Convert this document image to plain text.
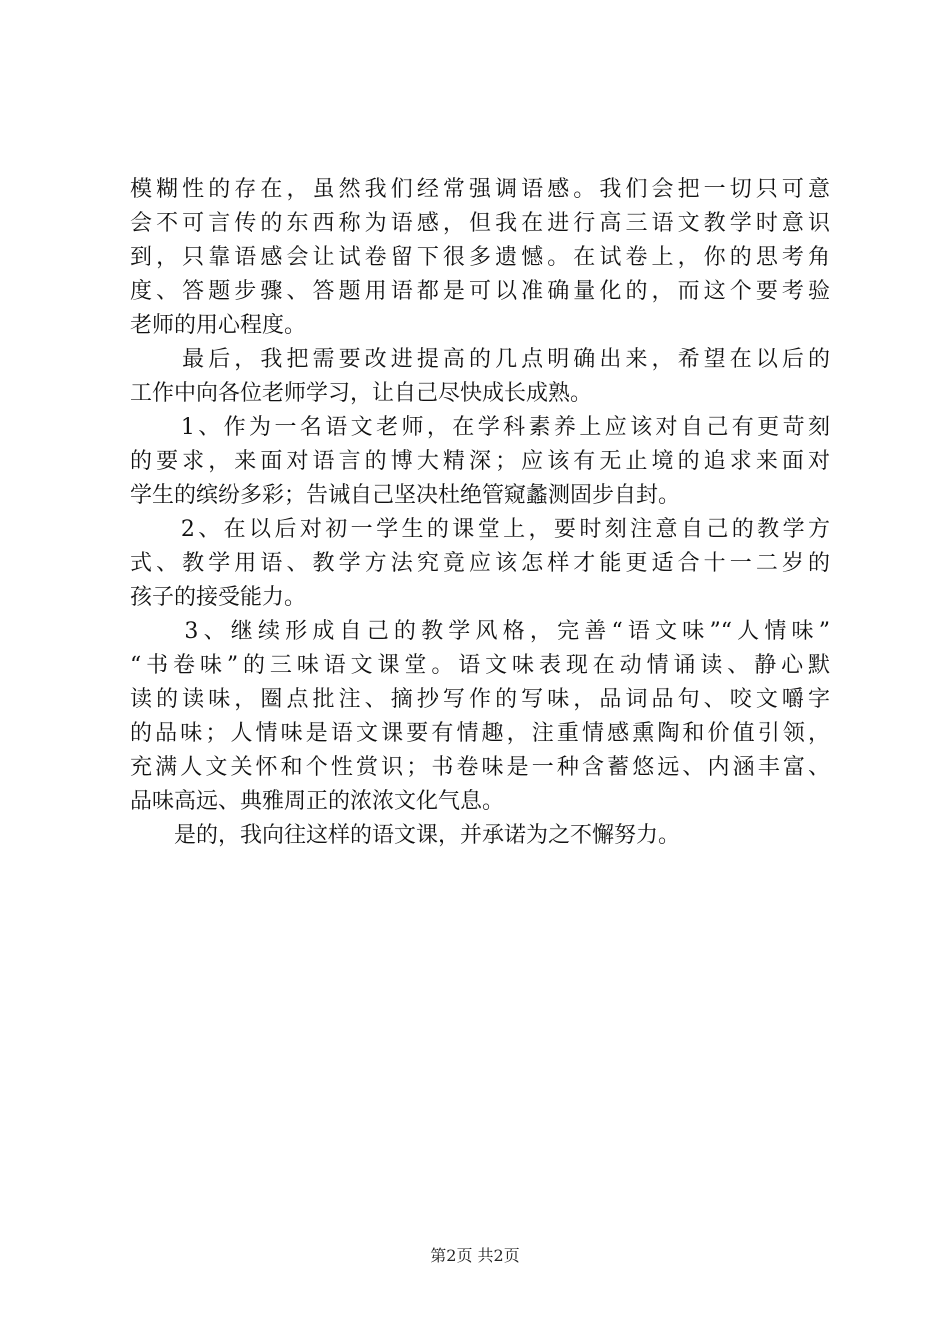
模糊性的存在，虽然我们经常强调语感。我们会把一切只可意
会不可言传的东西称为语感，但我在进行高三语文教学时意识
到，只靠语感会让试卷留下很多遗憾。在试卷上，你的思考角
度、答题步骤、答题用语都是可以准确量化的，而这个要考验
老师的用心程度。
　　最后，我把需要改进提高的几点明确出来，希望在以后的
工作中向各位老师学习，让自己尽快成长成熟。
　　1、作为一名语文老师，在学科素养上应该对自己有更苛刻
的要求，来面对语言的博大精深；应该有无止境的追求来面对
学生的缤纷多彩；告诫自己坚决杜绝管窥蠡测固步自封。
　　2、在以后对初一学生的课堂上，要时刻注意自己的教学方
式、教学用语、教学方法究竟应该怎样才能更适合十一二岁的
孩子的接受能力。
　　3、继续形成自己的教学风格，完善“语文味”“人情味”
“书卷味”的三味语文课堂。语文味表现在动情诵读、静心默
读的读味，圈点批注、摘抄写作的写味，品词品句、咬文嚼字
的品味；人情味是语文课要有情趣，注重情感熏陶和价值引领，
充满人文关怀和个性赏识；书卷味是一种含蓄悠远、内涵丰富、
品味高远、典雅周正的浓浓文化气息。
　　是的，我向往这样的语文课，并承诺为之不懈努力。
第2页 共2页
